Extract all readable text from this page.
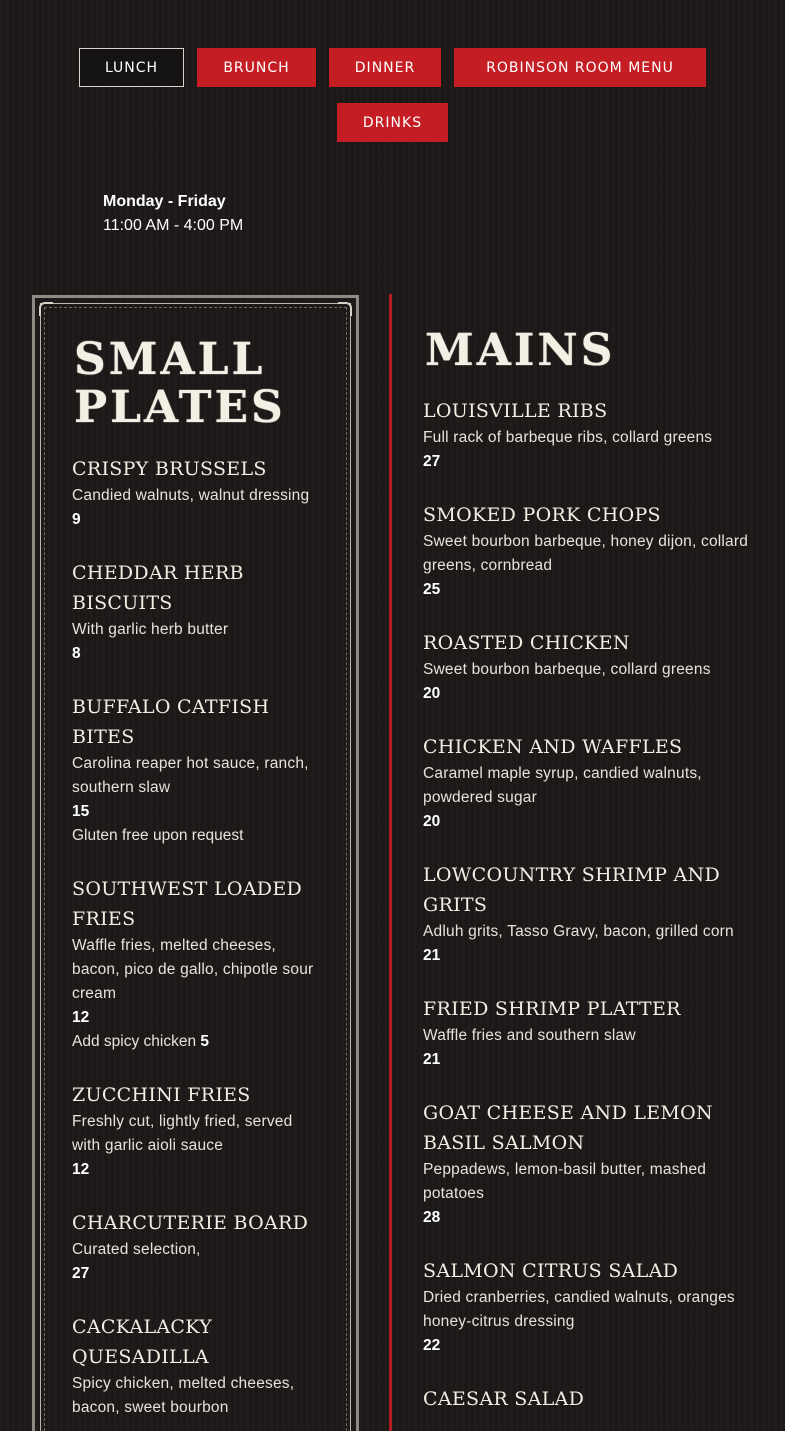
LUNCH	BRUNCH	DINNER	ROBINSON ROOM MENU
DRINKS
Monday - Friday
11:00 AM - 4:00 PM
SMALL
PLATES
CRISPY BRUSSELS
Candied walnuts, walnut dressing
9
CHEDDAR HERB BISCUITS
With garlic herb butter
8
BUFFALO CATFISH BITES
Carolina reaper hot sauce, ranch, southern slaw
15
Gluten free upon request
SOUTHWEST LOADED FRIES
Waffle fries, melted cheeses, bacon, pico de gallo, chipotle sour cream
12
Add spicy chicken 5
ZUCCHINI FRIES
Freshly cut, lightly fried, served with garlic aioli sauce
12
CHARCUTERIE BOARD
Curated selection,
27
CACKALACKY QUESADILLA
Spicy chicken, melted cheeses, bacon, sweet bourbon
MAINS
LOUISVILLE RIBS
Full rack of barbeque ribs, collard greens
27
SMOKED PORK CHOPS
Sweet bourbon barbeque, honey dijon, collard greens, cornbread
25
ROASTED CHICKEN
Sweet bourbon barbeque, collard greens
20
CHICKEN AND WAFFLES
Caramel maple syrup, candied walnuts, powdered sugar
20
LOWCOUNTRY SHRIMP AND GRITS
Adluh grits, Tasso Gravy, bacon, grilled corn
21
FRIED SHRIMP PLATTER
Waffle fries and southern slaw
21
GOAT CHEESE AND LEMON BASIL SALMON
Peppadews, lemon-basil butter, mashed potatoes
28
SALMON CITRUS SALAD
Dried cranberries, candied walnuts, oranges honey-citrus dressing
22
CAESAR SALAD
